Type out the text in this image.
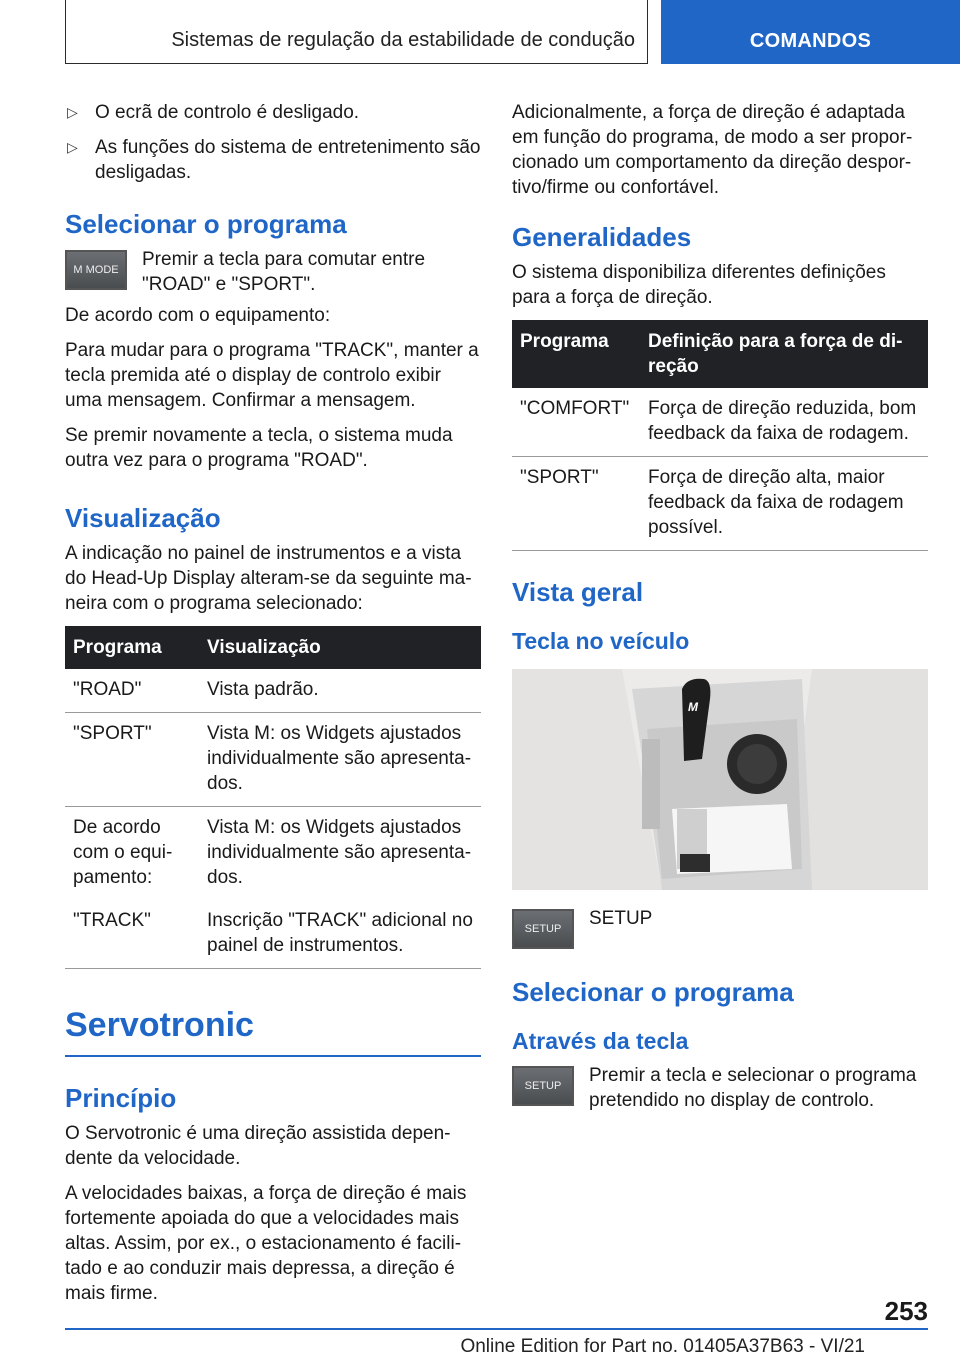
Sistemas de regulação da estabilidade de condução	COMANDOS
▷ O ecrã de controlo é desligado.
▷ As funções do sistema de entretenimento são desligadas.
Selecionar o programa
M MODE	Premir a tecla para comutar entre "ROAD" e "SPORT".

De acordo com o equipamento:

Para mudar para o programa "TRACK", manter a tecla premida até o display de controlo exibir uma mensagem. Confirmar a mensagem.

Se premir novamente a tecla, o sistema muda outra vez para o programa "ROAD".

Visualização

A indicação no painel de instrumentos e a vista do Head-Up Display alteram-se da seguinte maneira com o programa selecionado:

Programa	Visualização
"ROAD"	Vista padrão.
"SPORT"	Vista M: os Widgets ajustados individualmente são apresentados.
De acordo com o equipamento:	Vista M: os Widgets ajustados individualmente são apresentados.
"TRACK"	Inscrição "TRACK" adicional no painel de instrumentos.
Servotronic
Princípio

O Servotronic é uma direção assistida dependente da velocidade.

A velocidades baixas, a força de direção é mais fortemente apoiada do que a velocidades mais altas. Assim, por ex., o estacionamento é facilitado e ao conduzir mais depressa, a direção é mais firme.

Adicionalmente, a força de direção é adaptada em função do programa, de modo a ser proporcionado um comportamento da direção desportivo/firme ou confortável.

Generalidades

O sistema disponibiliza diferentes definições para a força de direção.

Programa	Definição para a força de direção
"COMFORT"	Força de direção reduzida, bom feedback da faixa de rodagem.
"SPORT"	Força de direção alta, maior feedback da faixa de rodagem possível.
Vista geral
Tecla no veículo
M
SETUP	SETUP
Selecionar o programa
Através da tecla
SETUP	Premir a tecla e selecionar o programa pretendido no display de controlo.
253
Online Edition for Part no. 01405A37B63 - VI/21
